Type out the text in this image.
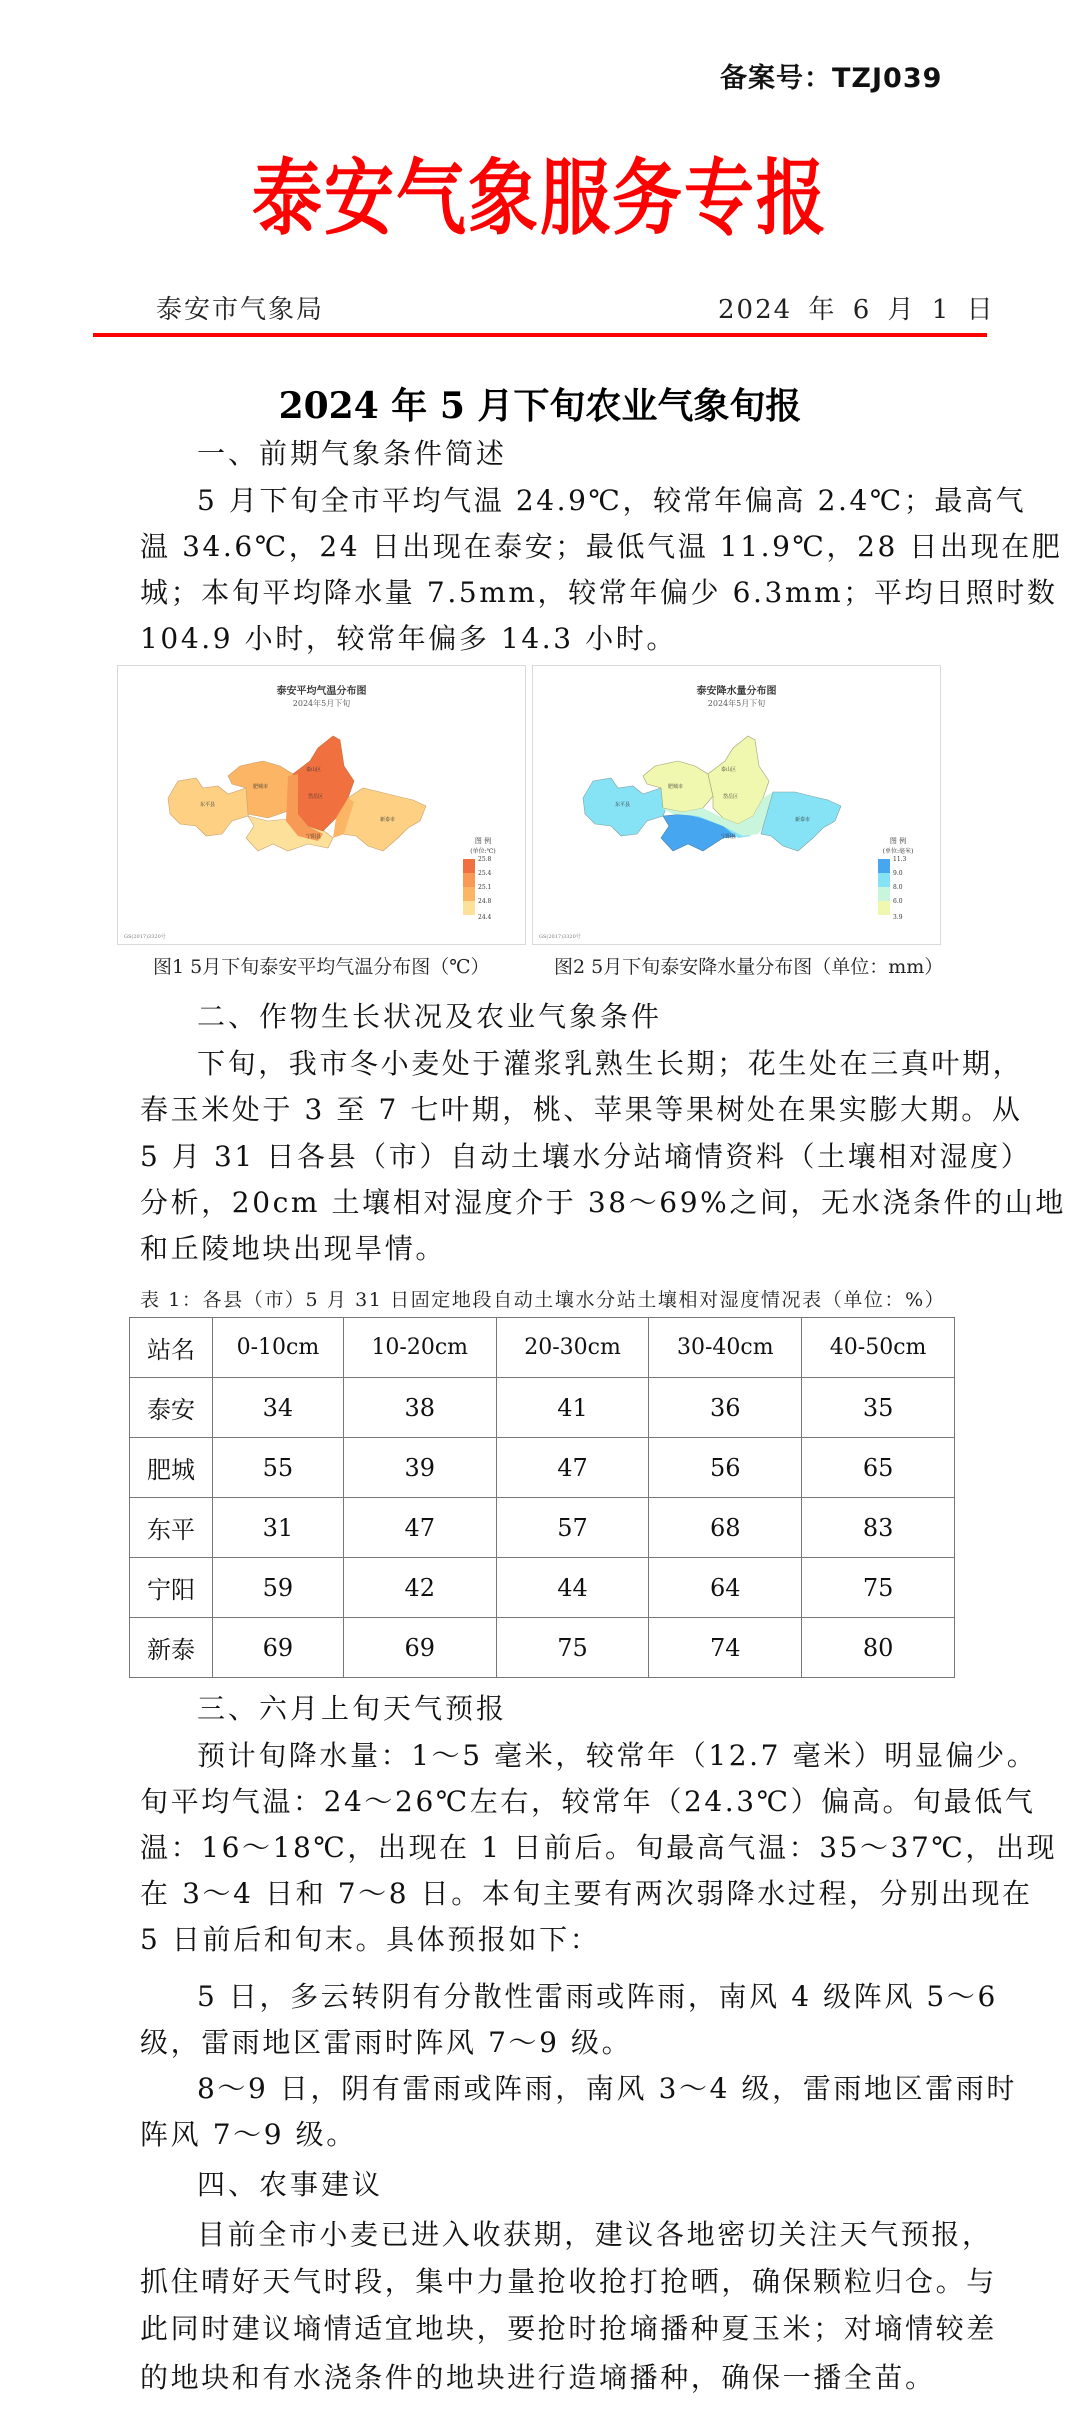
备案号：TZJ039
泰安气象服务专报
泰安市气象局	2024 年 6 月 1 日
2024 年 5 月下旬农业气象旬报
一、前期气象条件简述
5 月下旬全市平均气温 24.9℃，较常年偏高 2.4℃；最高气
温 34.6℃，24 日出现在泰安；最低气温 11.9℃，28 日出现在肥
城；本旬平均降水量 7.5mm，较常年偏少 6.3mm；平均日照时数
104.9 小时，较常年偏多 14.3 小时。
泰安平均气温分布图
2024年5月下旬
泰山区
肥城市
岱岳区
东平县
宁阳县
新泰市
图 例
(单位:℃)
25.8
25.4
25.1
24.8
24.4
GS(2017)3320号
泰安降水量分布图
2024年5月下旬
泰山区
肥城市
岱岳区
东平县
宁阳县
新泰市
图 例
(单位:毫米)
11.3
9.0
8.0
6.0
3.9
GS(2017)3320号
图1 5月下旬泰安平均气温分布图（℃）	图2 5月下旬泰安降水量分布图（单位：mm）
二、作物生长状况及农业气象条件
下旬，我市冬小麦处于灌浆乳熟生长期；花生处在三真叶期，
春玉米处于 3 至 7 七叶期，桃、苹果等果树处在果实膨大期。从
5 月 31 日各县（市）自动土壤水分站墒情资料（土壤相对湿度）
分析，20cm 土壤相对湿度介于 38～69%之间，无水浇条件的山地
和丘陵地块出现旱情。
表 1：各县（市）5 月 31 日固定地段自动土壤水分站土壤相对湿度情况表（单位：%）
站名	0-10cm	10-20cm	20-30cm	30-40cm	40-50cm
泰安	34	38	41	36	35
肥城	55	39	47	56	65
东平	31	47	57	68	83
宁阳	59	42	44	64	75
新泰	69	69	75	74	80
三、六月上旬天气预报
预计旬降水量：1～5 毫米，较常年（12.7 毫米）明显偏少。
旬平均气温：24～26℃左右，较常年（24.3℃）偏高。旬最低气
温：16～18℃，出现在 1 日前后。旬最高气温：35～37℃，出现
在 3～4 日和 7～8 日。本旬主要有两次弱降水过程，分别出现在
5 日前后和旬末。具体预报如下：
5 日，多云转阴有分散性雷雨或阵雨，南风 4 级阵风 5～6
级，雷雨地区雷雨时阵风 7～9 级。
8～9 日，阴有雷雨或阵雨，南风 3～4 级，雷雨地区雷雨时
阵风 7～9 级。
四、农事建议
目前全市小麦已进入收获期，建议各地密切关注天气预报，
抓住晴好天气时段，集中力量抢收抢打抢晒，确保颗粒归仓。与
此同时建议墒情适宜地块，要抢时抢墒播种夏玉米；对墒情较差
的地块和有水浇条件的地块进行造墒播种，确保一播全苗。
